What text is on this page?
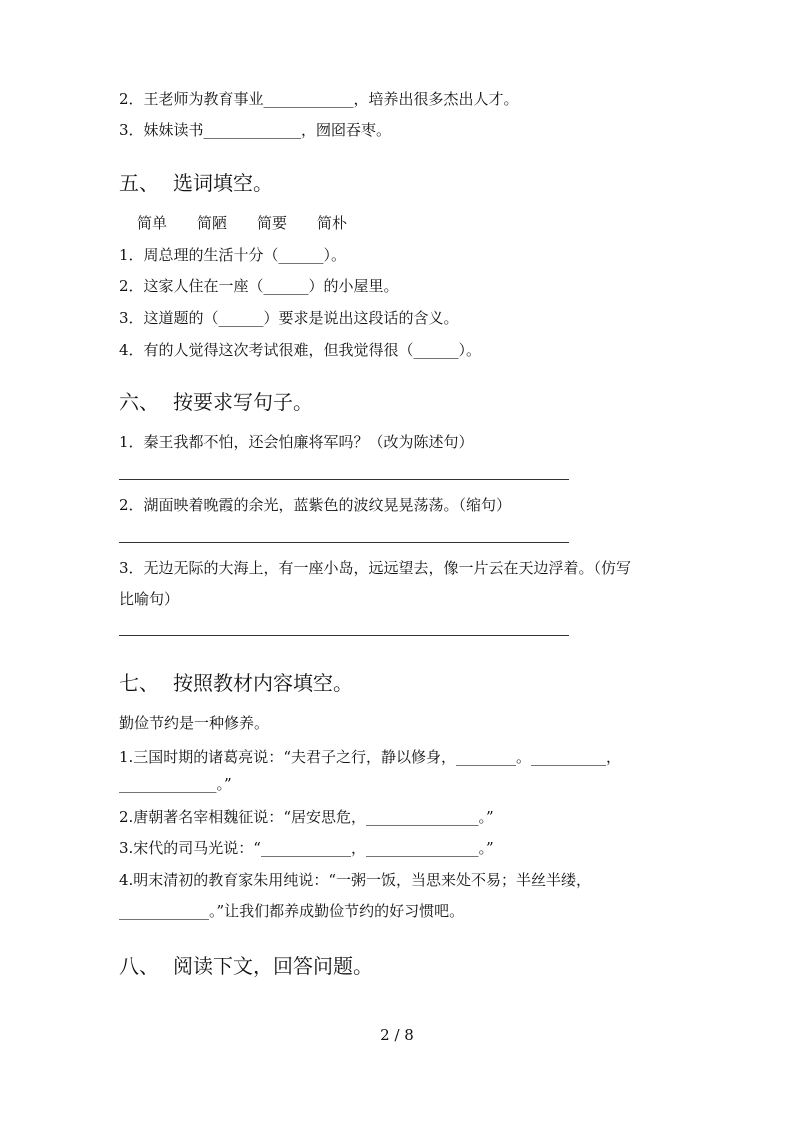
2．王老师为教育事业____________，培养出很多杰出人才。
3．妹妹读书_____________，囫囵吞枣。
五、 选词填空。
简单 简陋 简要 简朴
1．周总理的生活十分（______）。
2．这家人住在一座（______）的小屋里。
3．这道题的（______）要求是说出这段话的含义。
4．有的人觉得这次考试很难，但我觉得很（______）。
六、 按要求写句子。
1．秦王我都不怕，还会怕廉将军吗？（改为陈述句）
2．湖面映着晚霞的余光，蓝紫色的波纹晃晃荡荡。（缩句）
3．无边无际的大海上，有一座小岛，远远望去，像一片云在天边浮着。（仿写
比喻句）
七、 按照教材内容填空。
勤俭节约是一种修养。
1.三国时期的诸葛亮说：“夫君子之行，静以修身，________。__________，
_____________。”
2.唐朝著名宰相魏征说：“居安思危，_______________。”
3.宋代的司马光说：“____________，_______________。”
4.明末清初的教育家朱用纯说：“一粥一饭，当思来处不易；半丝半缕，
____________。”让我们都养成勤俭节约的好习惯吧。
八、 阅读下文，回答问题。
2 / 8
